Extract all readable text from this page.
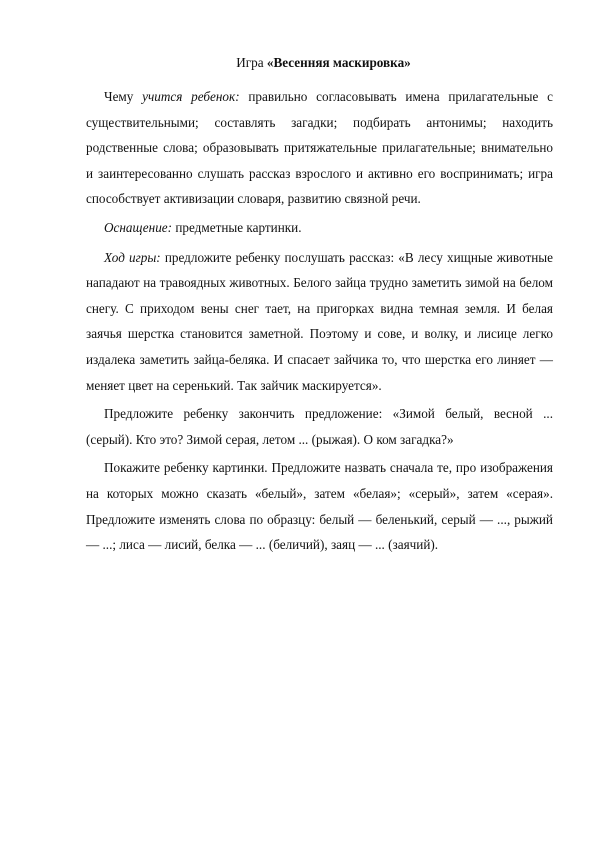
Игра «Весенняя маскировка»

Чему учится ребенок: правильно согласовывать имена прилагательные с существительными; составлять загадки; подбирать антонимы; находить родственные слова; образовывать притяжательные прилагательные; внимательно и заинтересованно слушать рассказ взрослого и активно его воспринимать; игра способствует активизации словаря, развитию связной речи.

Оснащение: предметные картинки.

Ход игры: предложите ребенку послушать рассказ: «В лесу хищные животные нападают на травоядных животных. Белого зайца трудно заметить зимой на белом снегу. С приходом вены снег тает, на пригорках видна темная земля. И белая заячья шерстка становится заметной. Поэтому и сове, и волку, и лисице легко издалека заметить зайца-беляка. И спасает зайчика то, что шерстка его линяет — меняет цвет на серенький. Так зайчик маскируется».

Предложите ребенку закончить предложение: «Зимой белый, весной ... (серый). Кто это? Зимой серая, летом ... (рыжая). О ком загадка?»

Покажите ребенку картинки. Предложите назвать сначала те, про изображения на которых можно сказать «белый», затем «белая»; «серый», затем «серая». Предложите изменять слова по образцу: белый — беленький, серый — ..., рыжий — ...; лиса — лисий, белка — ... (беличий), заяц — ... (заячий).
